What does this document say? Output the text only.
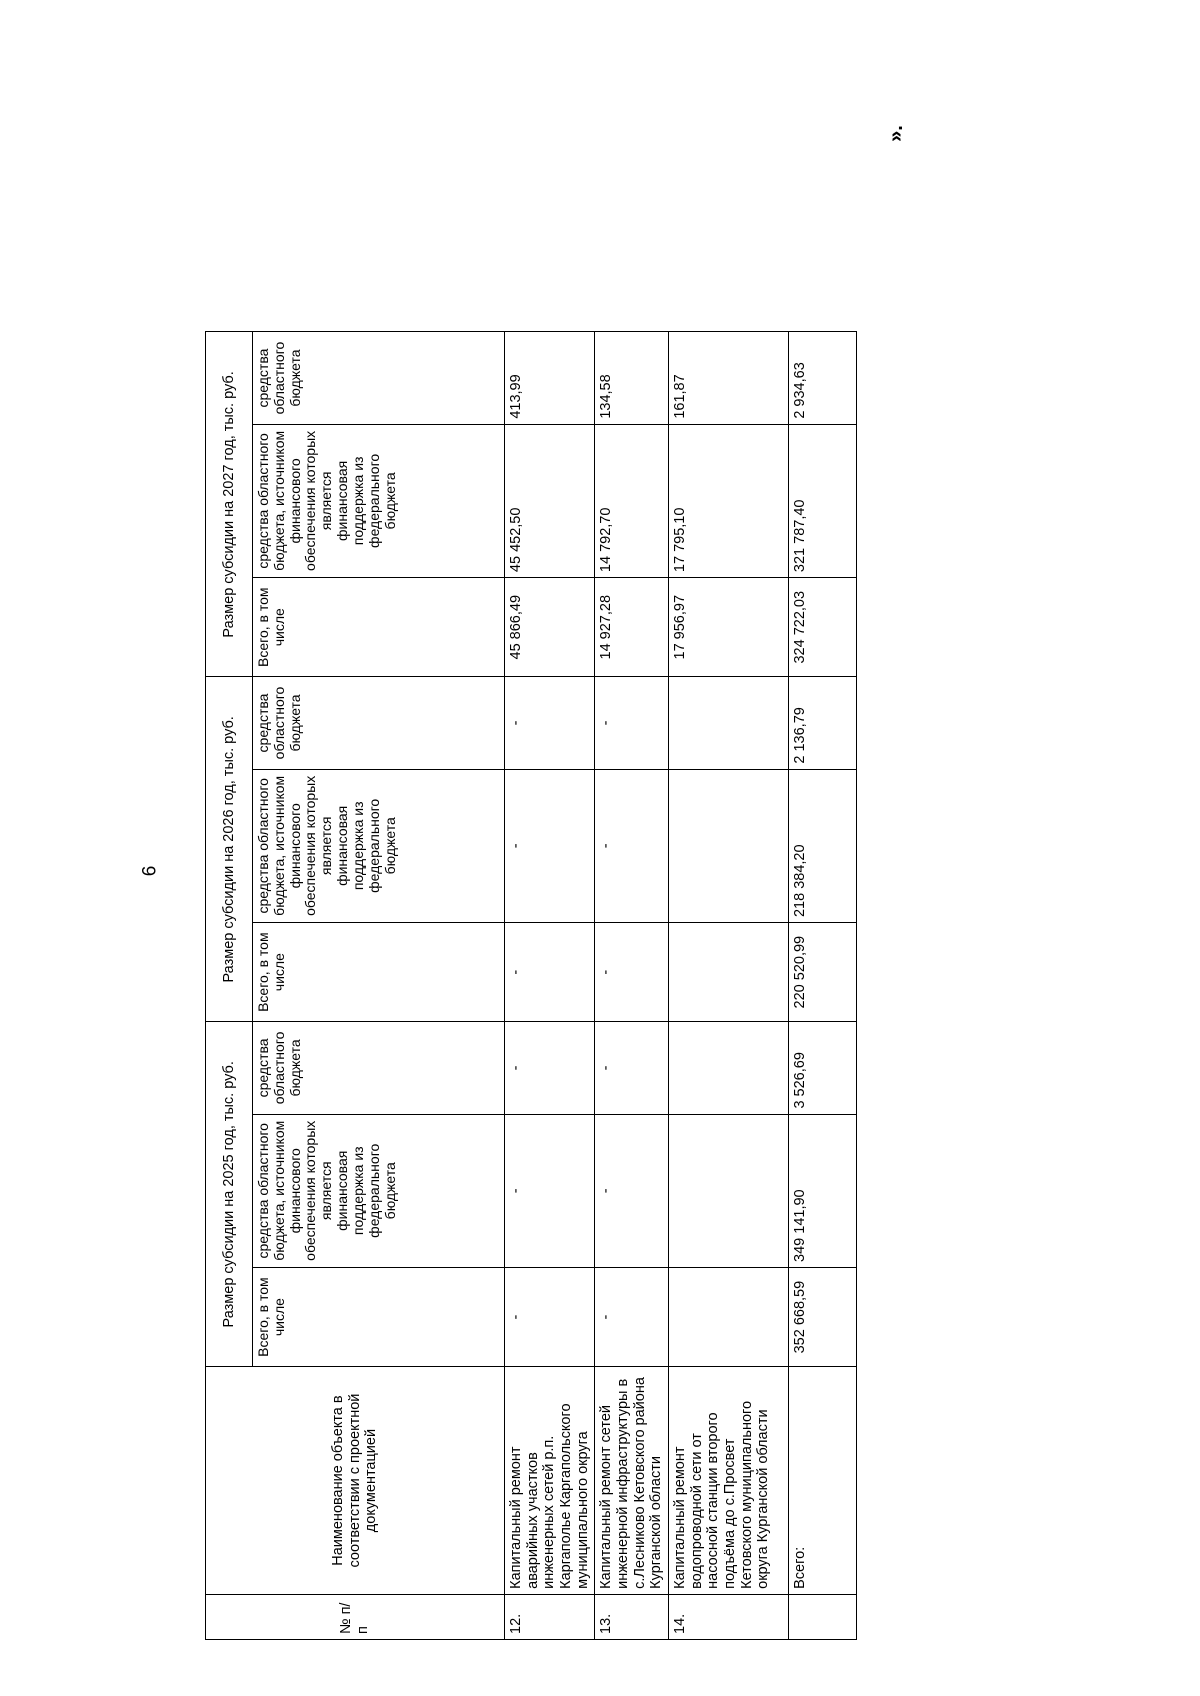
6
».
№ п/п	Наименование объекта в соответствии с проектной документацией	Размер субсидии на 2025 год, тыс. руб.			Размер субсидии на 2026 год, тыс. руб.			Размер субсидии на 2027 год, тыс. руб.			
		Всего, в том числе	средства областного бюджета, источником финансового обеспечения которых является финансовая поддержка из федерального бюджета	средства областного бюджета	Всего, в том числе	средства областного бюджета, источником финансового обеспечения которых является финансовая поддержка из федерального бюджета	средства областного бюджета	Всего, в том числе	средства областного бюджета, источником финансового обеспечения которых является финансовая поддержка из федерального бюджета	средства областного бюджета	
12.	Капитальный ремонт аварийных участков инженерных сетей р.п. Каргаполье Каргапольского муниципального округа	-	-	-	-	-	-	45 866,49	45 452,50	413,99	
13.	Капитальный ремонт сетей инженерной инфраструктуры в с.Лесниково Кетовского района Курганской области	-	-	-	-	-	-	14 927,28	14 792,70	134,58	
14.	Капитальный ремонт водопроводной сети от насосной станции второго подъёма до с.Просвет Кетовского муниципального округа Курганской области							17 956,97	17 795,10	161,87	
	Всего:	352 668,59	349 141,90	3 526,69	220 520,99	218 384,20	2 136,79	324 722,03	321 787,40	2 934,63	
